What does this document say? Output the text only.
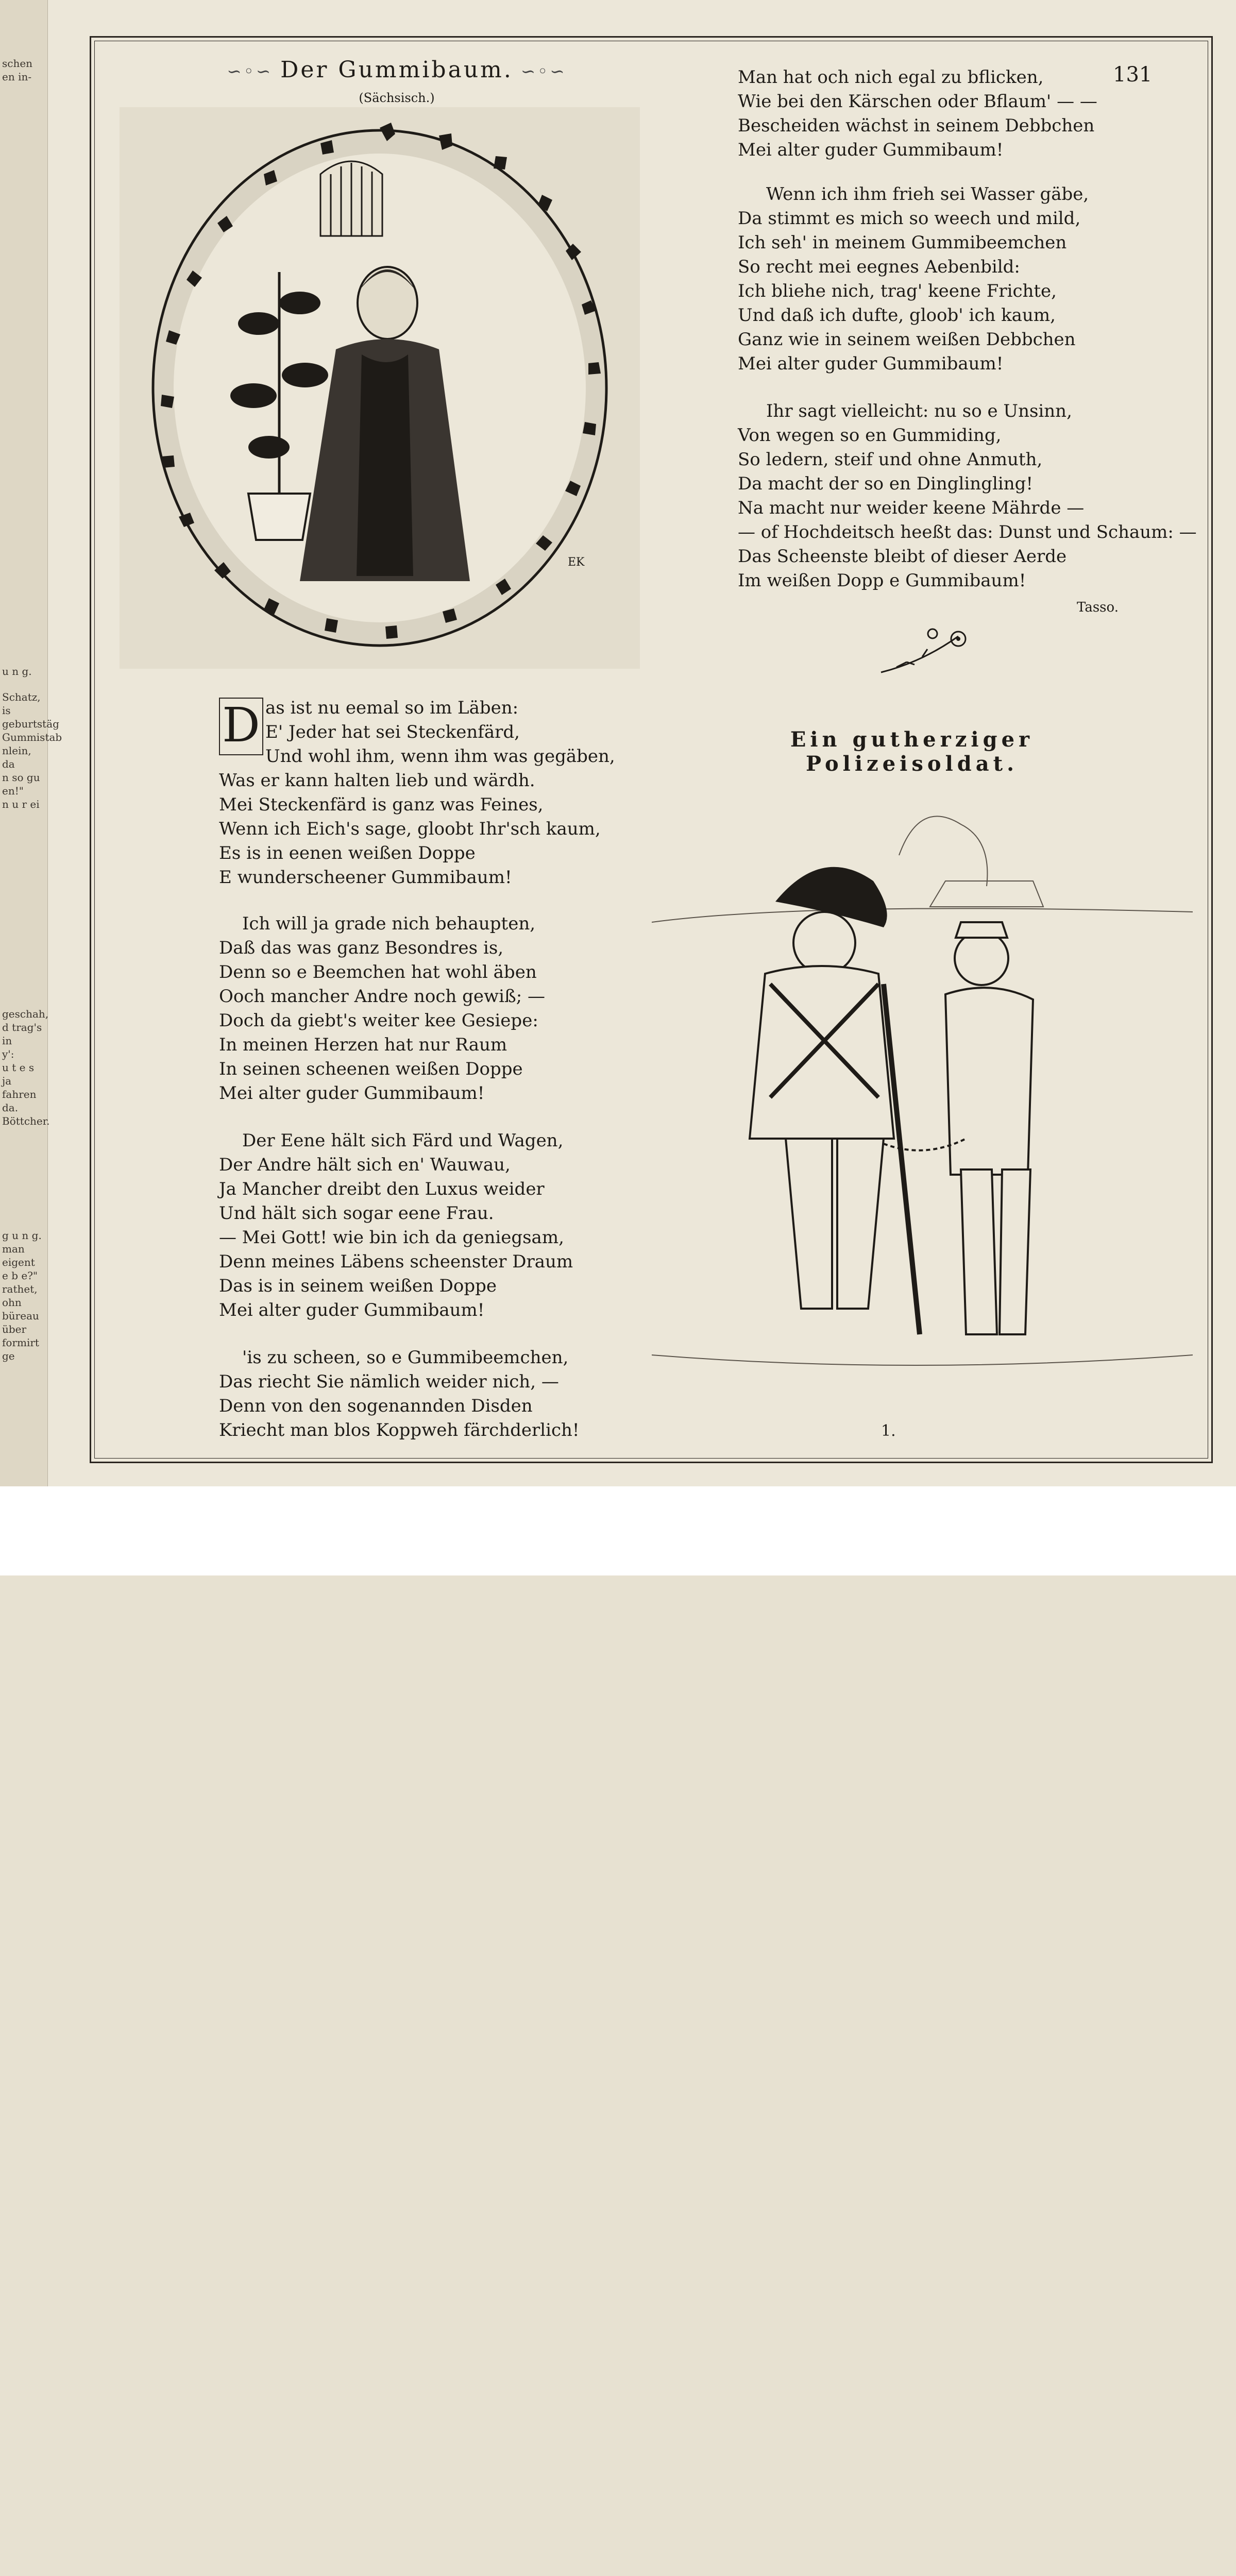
schen
en in-
u n g.
Schatz, is
geburtstäg
Gummistab
nlein, da
n so gu
en!"
n u r ei
geschah,
d trag's in
y':
u t e s ja
fahren da.
Böttcher.
g u n g.
man eigent
e b e?"
rathet, ohn
büreau über
formirt ge
131
∽◦∽ Der Gummibaum. ∽◦∽
(Sächsisch.)
EK
D as ist nu eemal so im Läben:
E' Jeder hat sei Steckenfärd,
Und wohl ihm, wenn ihm was gegäben,
Was er kann halten lieb und wärdh.
Mei Steckenfärd is ganz was Feines,
Wenn ich Eich's sage, gloobt Ihr'sch kaum,
Es is in eenen weißen Doppe
E wunderscheener Gummibaum!
Ich will ja grade nich behaupten,
Daß das was ganz Besondres is,
Denn so e Beemchen hat wohl äben
Ooch mancher Andre noch gewiß; —
Doch da giebt's weiter kee Gesiepe:
In meinen Herzen hat nur Raum
In seinen scheenen weißen Doppe
Mei alter guder Gummibaum!
Der Eene hält sich Färd und Wagen,
Der Andre hält sich en' Wauwau,
Ja Mancher dreibt den Luxus weider
Und hält sich sogar eene Frau.
— Mei Gott! wie bin ich da geniegsam,
Denn meines Läbens scheenster Draum
Das is in seinem weißen Doppe
Mei alter guder Gummibaum!
'is zu scheen, so e Gummibeemchen,
Das riecht Sie nämlich weider nich, —
Denn von den sogenannden Disden
Kriecht man blos Koppweh färchderlich!
Man hat och nich egal zu bflicken,
Wie bei den Kärschen oder Bflaum' — —
Bescheiden wächst in seinem Debbchen
Mei alter guder Gummibaum!
Wenn ich ihm frieh sei Wasser gäbe,
Da stimmt es mich so weech und mild,
Ich seh' in meinem Gummibeemchen
So recht mei eegnes Aebenbild:
Ich bliehe nich, trag' keene Frichte,
Und daß ich dufte, gloob' ich kaum,
Ganz wie in seinem weißen Debbchen
Mei alter guder Gummibaum!
Ihr sagt vielleicht: nu so e Unsinn,
Von wegen so en Gummiding,
So ledern, steif und ohne Anmuth,
Da macht der so en Dinglingling!
Na macht nur weider keene Mährde —
— of Hochdeitsch heeßt das: Dunst und Schaum: —
Das Scheenste bleibt of dieser Aerde
Im weißen Dopp e Gummibaum!
Tasso.
Ein gutherziger Polizeisoldat.
1.
